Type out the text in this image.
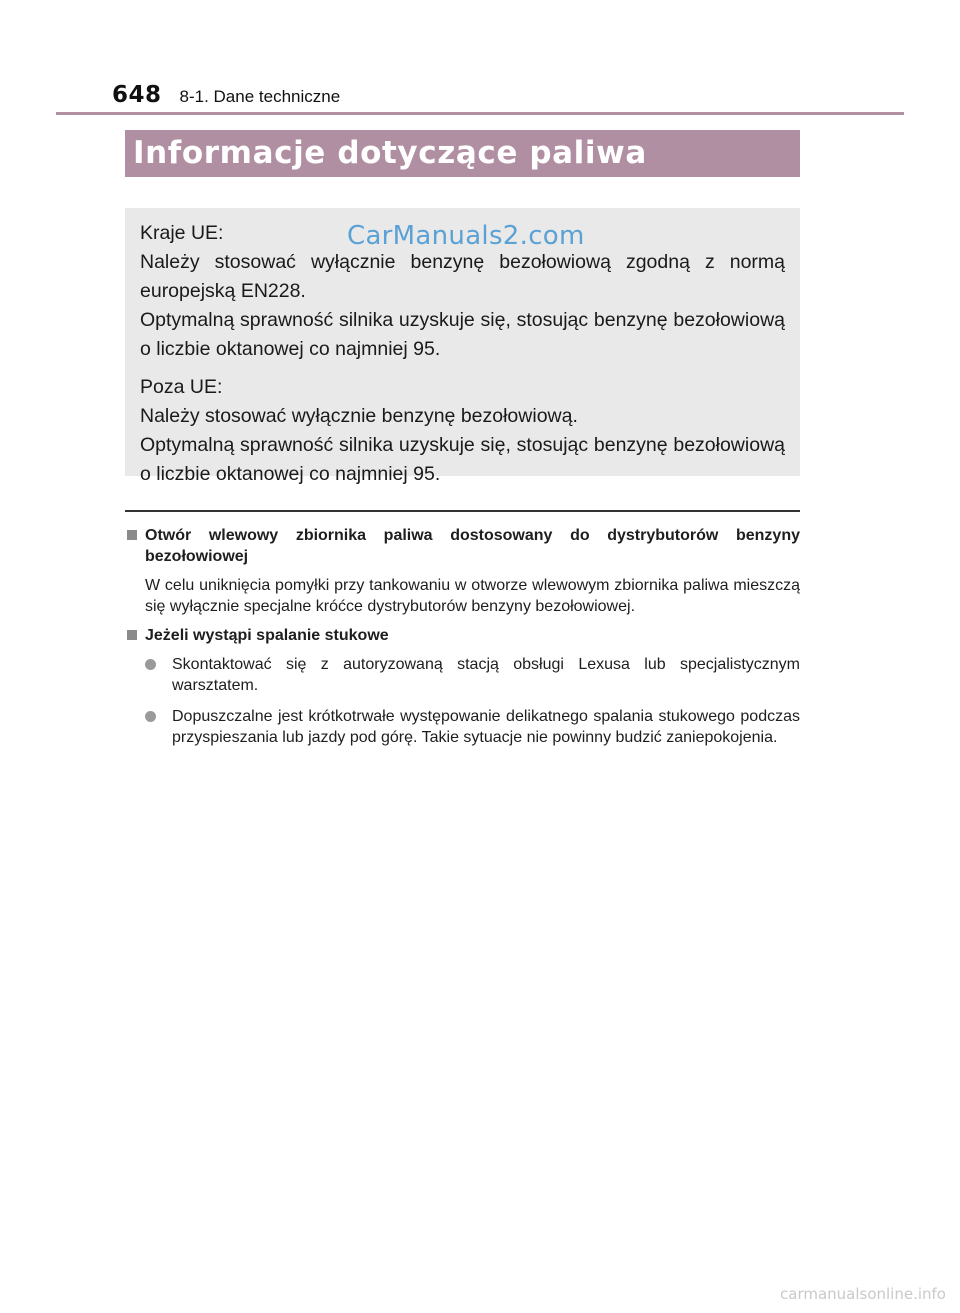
648 8-1. Dane techniczne
Informacje dotyczące paliwa

Kraje UE:

Należy stosować wyłącznie benzynę bezołowiową zgodną z normą europejską EN228.

Optymalną sprawność silnika uzyskuje się, stosując benzynę bezołowiową o liczbie oktanowej co najmniej 95.

Poza UE:

Należy stosować wyłącznie benzynę bezołowiową.

Optymalną sprawność silnika uzyskuje się, stosując benzynę bezołowiową o liczbie oktanowej co najmniej 95.

CarManuals2.com
Otwór wlewowy zbiornika paliwa dostosowany do dystrybutorów benzyny bezołowiowej
W celu uniknięcia pomyłki przy tankowaniu w otworze wlewowym zbiornika paliwa mieszczą się wyłącznie specjalne króćce dystrybutorów benzyny bezołowiowej.
Jeżeli wystąpi spalanie stukowe
Skontaktować się z autoryzowaną stacją obsługi Lexusa lub specjalistycznym warsztatem.
Dopuszczalne jest krótkotrwałe występowanie delikatnego spalania stukowego podczas przyspieszania lub jazdy pod górę. Takie sytuacje nie powinny budzić zaniepokojenia.
carmanualsonline.info
